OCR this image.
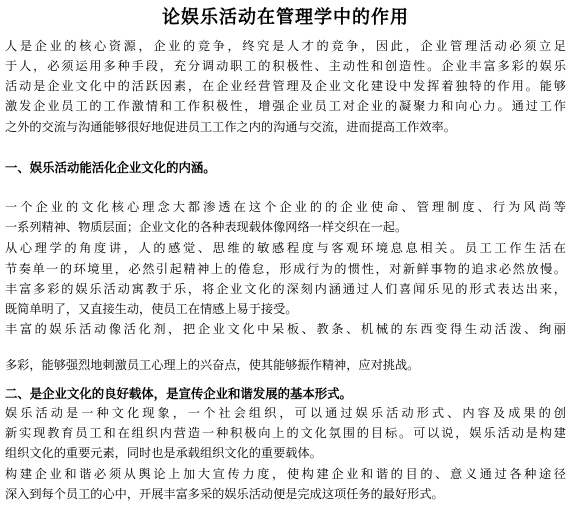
论娱乐活动在管理学中的作用
人是企业的核心资源，企业的竞争，终究是人才的竞争，因此，企业管理活动必须立足
于人，必须运用多种手段，充分调动职工的积极性、主动性和创造性。企业丰富多彩的娱乐
活动是企业文化中的活跃因素，在企业经营管理及企业文化建设中发挥着独特的作用。能够
激发企业员工的工作激情和工作积极性，增强企业员工对企业的凝聚力和向心力。通过工作
之外的交流与沟通能够很好地促进员工工作之内的沟通与交流，进而提高工作效率。
一、娱乐活动能活化企业文化的内涵。
一个企业的文化核心理念大都渗透在这个企业的的企业使命、管理制度、行为风尚等
一系列精神、物质层面；企业文化的各种表现载体像网络一样交织在一起。
从心理学的角度讲，人的感觉、思维的敏感程度与客观环境息息相关。员工工作生活在
节奏单一的环境里，必然引起精神上的倦怠，形成行为的惯性，对新鲜事物的追求必然放慢。
丰富多彩的娱乐活动寓教于乐，将企业文化的深刻内涵通过人们喜闻乐见的形式表达出来，
既简单明了，又直接生动，使员工在情感上易于接受。
丰富的娱乐活动像活化剂，把企业文化中呆板、教条、机械的东西变得生动活泼、绚丽
多彩，能够强烈地刺激员工心理上的兴奋点，使其能够振作精神，应对挑战。
二、是企业文化的良好载体，是宣传企业和谐发展的基本形式。
娱乐活动是一种文化现象，一个社会组织，可以通过娱乐活动形式、内容及成果的创
新实现教育员工和在组织内营造一种积极向上的文化氛围的目标。可以说，娱乐活动是构建
组织文化的重要元素，同时也是承载组织文化的重要载体。
构建企业和谐必须从舆论上加大宣传力度，使构建企业和谐的目的、意义通过各种途径
深入到每个员工的心中，开展丰富多采的娱乐活动便是完成这项任务的最好形式。
